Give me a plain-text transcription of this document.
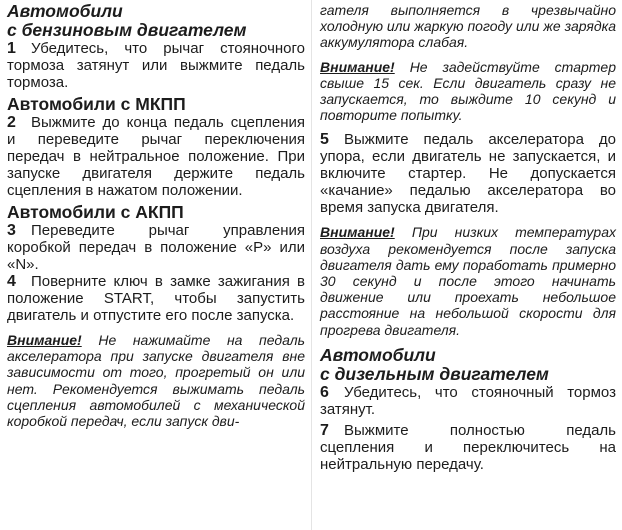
Автомобили

с бензиновым двигателем

1 Убедитесь, что рычаг стояночного тормоза затянут или выжмите педаль тормоза.

Автомобили с МКПП

2 Выжмите до конца педаль сцепления и переведите рычаг переключения передач в нейтральное положение. При запуске двигателя держите педаль сцепления в нажатом положении.

Автомобили с АКПП

3 Переведите рычаг управления коробкой передач в положение «P» или «N».

4 Поверните ключ в замке зажигания в положение START, чтобы запустить двигатель и отпустите его после запуска.

Внимание! Не нажимайте на педаль акселератора при запуске двигателя вне зависимости от того, прогретый он или нет. Рекомендуется выжимать педаль сцепления автомобилей с механической коробкой передач, если запуск дви-

гателя выполняется в чрезвычайно холодную или жаркую погоду или же зарядка аккумулятора слабая.

Внимание! Не задействуйте стартер свыше 15 сек. Если двигатель сразу не запускается, то выждите 10 секунд и повторите попытку.

5 Выжмите педаль акселератора до упора, если двигатель не запускается, и включите стартер. Не допускается «качание» педалью акселератора во время запуска двигателя.

Внимание! При низких температурах воздуха рекомендуется после запуска двигателя дать ему поработать примерно 30 секунд и после этого начинать движение или проехать небольшое расстояние на небольшой скорости для прогрева двигателя.

Автомобили

с дизельным двигателем

6 Убедитесь, что стояночный тормоз затянут.

7 Выжмите полностью педаль сцепления и переключитесь на нейтральную передачу.
